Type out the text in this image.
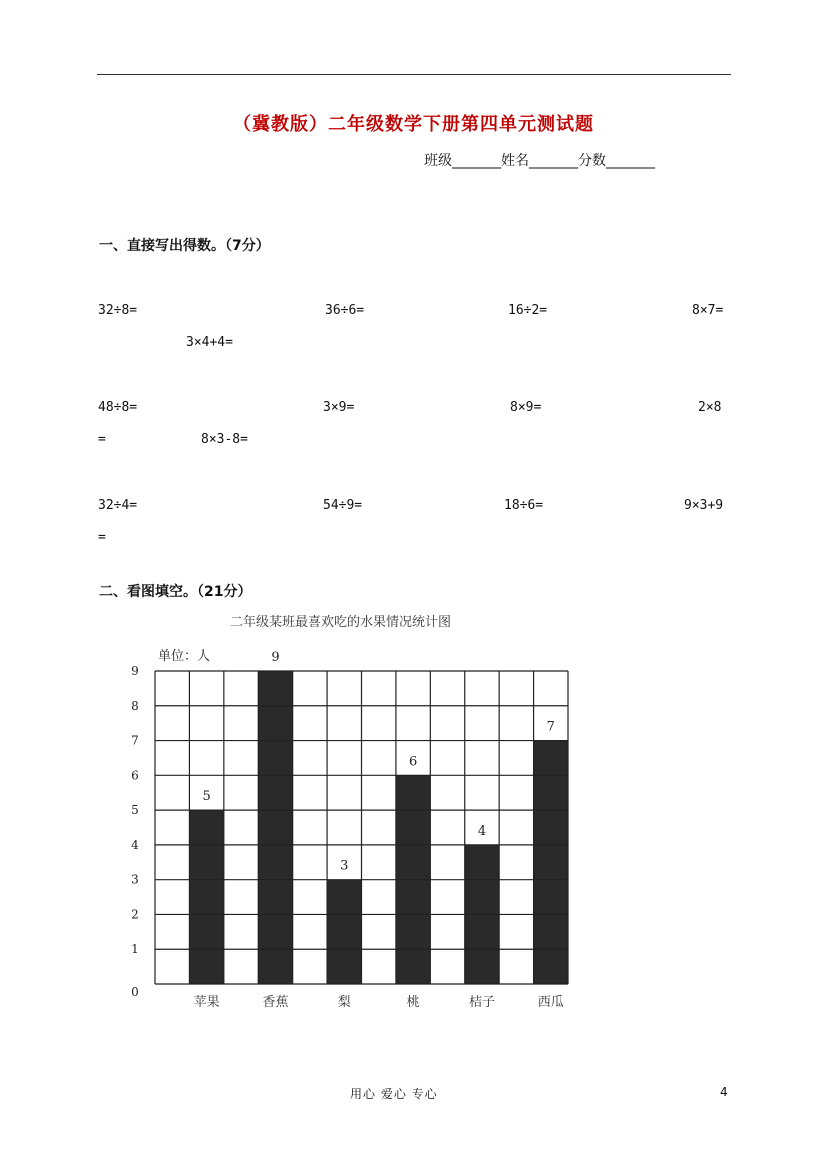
（冀教版）二年级数学下册第四单元测试题
班级_______姓名_______分数_______
一、直接写出得数。（7分）
32÷8=	36÷6=	16÷2=	8×7=
3×4+4=
48÷8=	3×9=	8×9=	2×8
=	8×3-8=
32÷4=	54÷9=	18÷6=	9×3+9
=
二、看图填空。（21分）
二年级某班最喜欢吃的水果情况统计图
0
1
2
3
4
5
6
7
8
9
单位：人
5
苹果
9
香蕉
3
梨
6
桃
4
桔子
7
西瓜
用心 爱心 专心	4
